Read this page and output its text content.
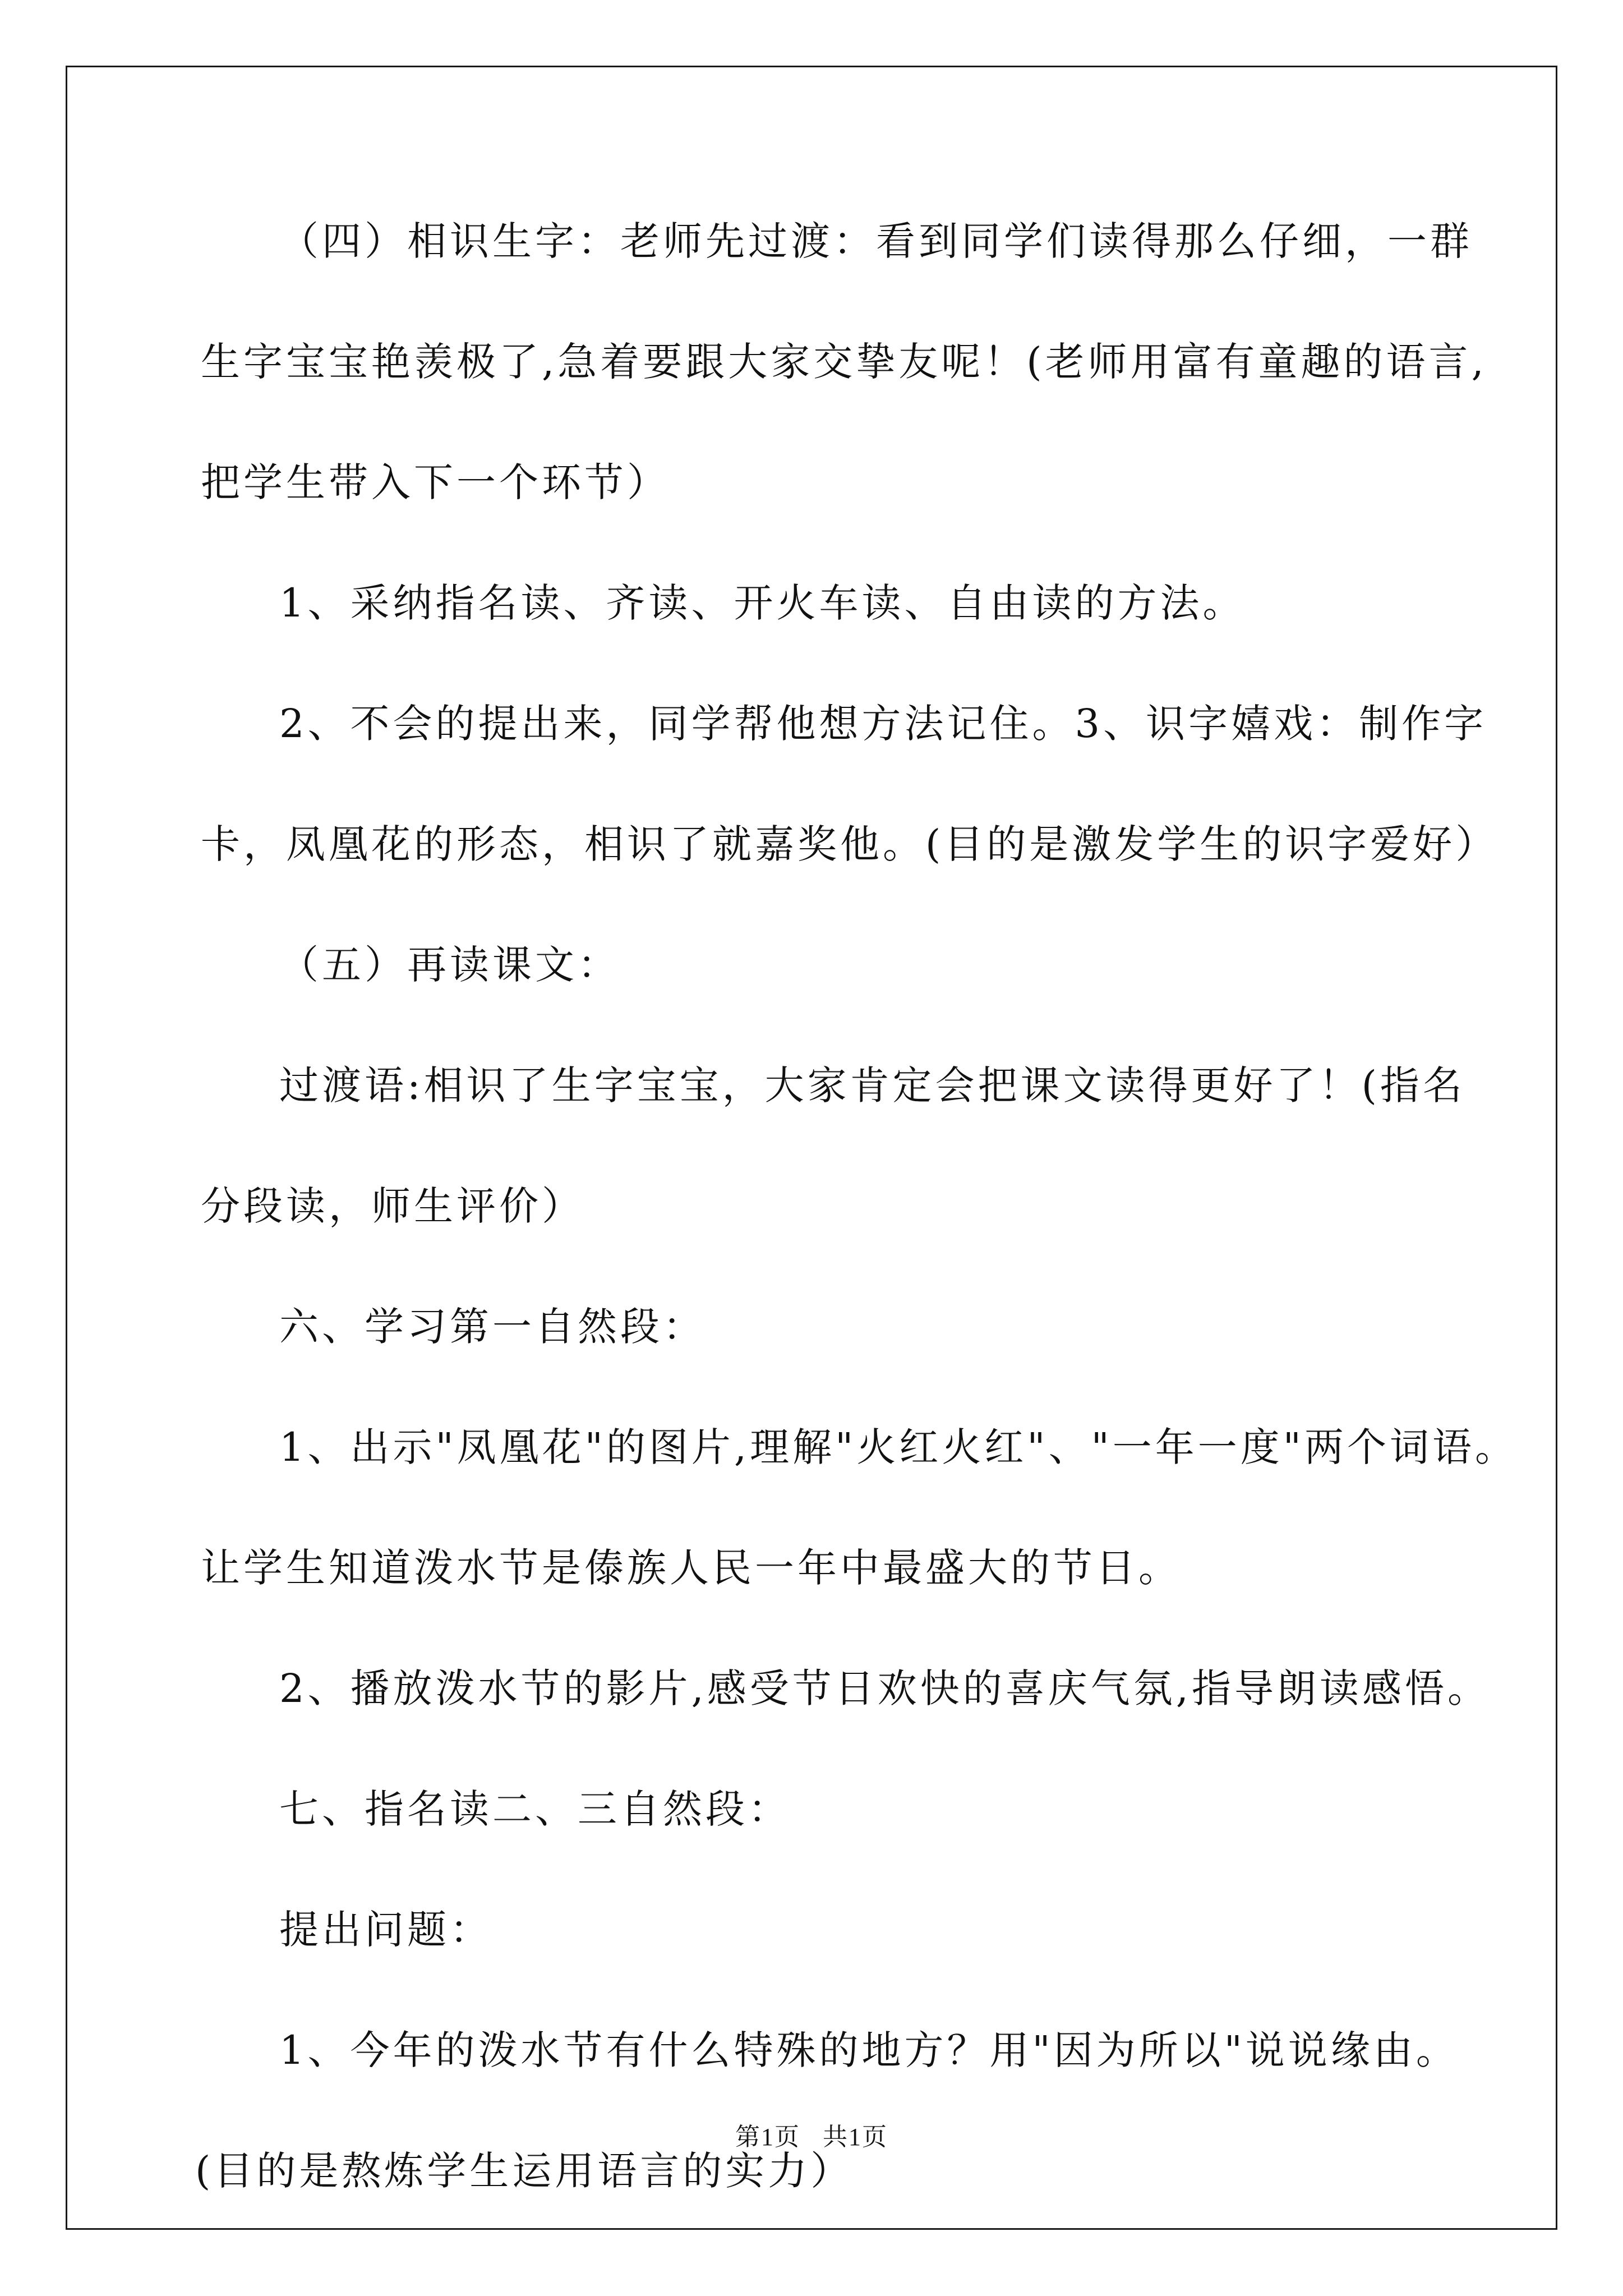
（四）相识生字：老师先过渡：看到同学们读得那么仔细，一群
生字宝宝艳羡极了,急着要跟大家交挚友呢！(老师用富有童趣的语言,
把学生带入下一个环节）
1、采纳指名读、齐读、开火车读、自由读的方法。
2、不会的提出来，同学帮他想方法记住。3、识字嬉戏：制作字
卡，凤凰花的形态，相识了就嘉奖他。(目的是激发学生的识字爱好）
（五）再读课文：
过渡语:相识了生字宝宝，大家肯定会把课文读得更好了！(指名
分段读，师生评价）
六、学习第一自然段：
1、出示"凤凰花"的图片,理解"火红火红"、"一年一度"两个词语。
让学生知道泼水节是傣族人民一年中最盛大的节日。
2、播放泼水节的影片,感受节日欢快的喜庆气氛,指导朗读感悟。
七、指名读二、三自然段：
提出问题：
1、今年的泼水节有什么特殊的地方？用"因为所以"说说缘由。
(目的是熬炼学生运用语言的实力）
第1页 共1页
